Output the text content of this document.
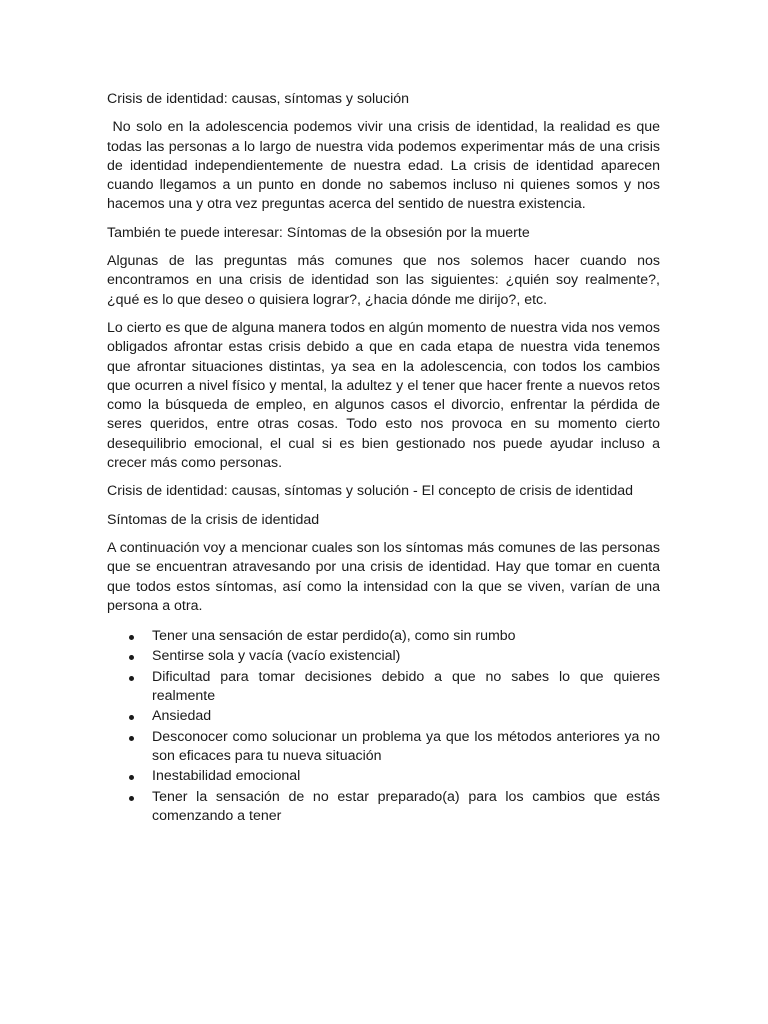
Crisis de identidad: causas, síntomas y solución

No solo en la adolescencia podemos vivir una crisis de identidad, la realidad es que todas las personas a lo largo de nuestra vida podemos experimentar más de una crisis de identidad independientemente de nuestra edad. La crisis de identidad aparecen cuando llegamos a un punto en donde no sabemos incluso ni quienes somos y nos hacemos una y otra vez preguntas acerca del sentido de nuestra existencia.

También te puede interesar: Síntomas de la obsesión por la muerte

Algunas de las preguntas más comunes que nos solemos hacer cuando nos encontramos en una crisis de identidad son las siguientes: ¿quién soy realmente?, ¿qué es lo que deseo o quisiera lograr?, ¿hacia dónde me dirijo?, etc.

Lo cierto es que de alguna manera todos en algún momento de nuestra vida nos vemos obligados afrontar estas crisis debido a que en cada etapa de nuestra vida tenemos que afrontar situaciones distintas, ya sea en la adolescencia, con todos los cambios que ocurren a nivel físico y mental, la adultez y el tener que hacer frente a nuevos retos como la búsqueda de empleo, en algunos casos el divorcio, enfrentar la pérdida de seres queridos, entre otras cosas. Todo esto nos provoca en su momento cierto desequilibrio emocional, el cual si es bien gestionado nos puede ayudar incluso a crecer más como personas.

Crisis de identidad: causas, síntomas y solución - El concepto de crisis de identidad

Síntomas de la crisis de identidad

A continuación voy a mencionar cuales son los síntomas más comunes de las personas que se encuentran atravesando por una crisis de identidad. Hay que tomar en cuenta que todos estos síntomas, así como la intensidad con la que se viven, varían de una persona a otra.

Tener una sensación de estar perdido(a), como sin rumbo
Sentirse sola y vacía (vacío existencial)
Dificultad para tomar decisiones debido a que no sabes lo que quieres realmente
Ansiedad
Desconocer como solucionar un problema ya que los métodos anteriores ya no son eficaces para tu nueva situación
Inestabilidad emocional
Tener la sensación de no estar preparado(a) para los cambios que estás comenzando a tener
